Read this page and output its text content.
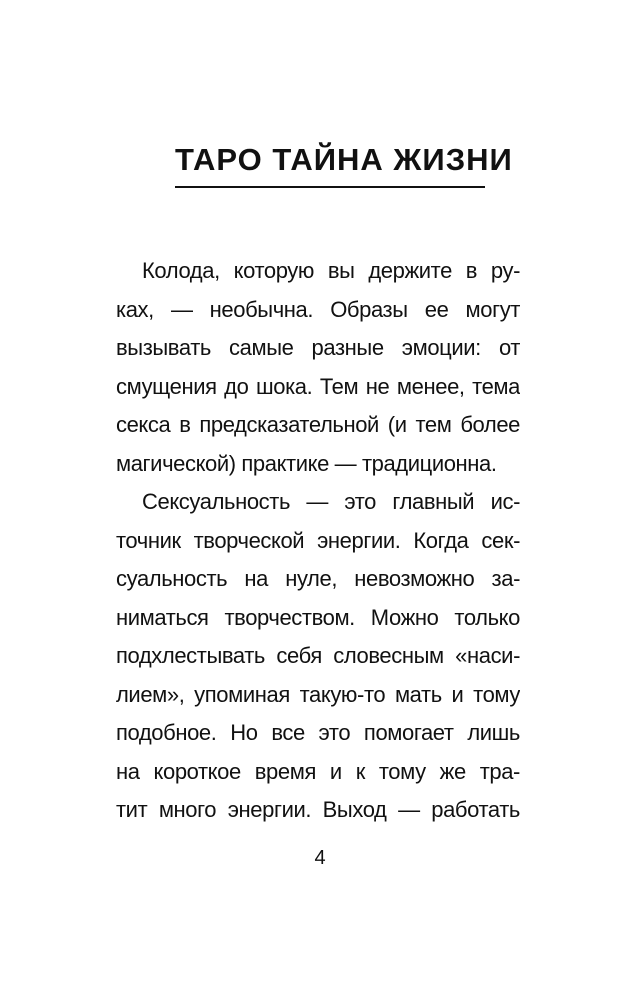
ТАРО ТАЙНА ЖИЗНИ
Колода, которую вы держите в ру-
ках, — необычна. Образы ее могут
вызывать самые разные эмоции: от
смущения до шока. Тем не менее, тема
секса в предсказательной (и тем более
магической) практике — традиционна.
Сексуальность — это главный ис-
точник творческой энергии. Когда сек-
суальность на нуле, невозможно за-
ниматься творчеством. Можно только
подхлестывать себя словесным «наси-
лием», упоминая такую-то мать и тому
подобное. Но все это помогает лишь
на короткое время и к тому же тра-
тит много энергии. Выход — работать
4
